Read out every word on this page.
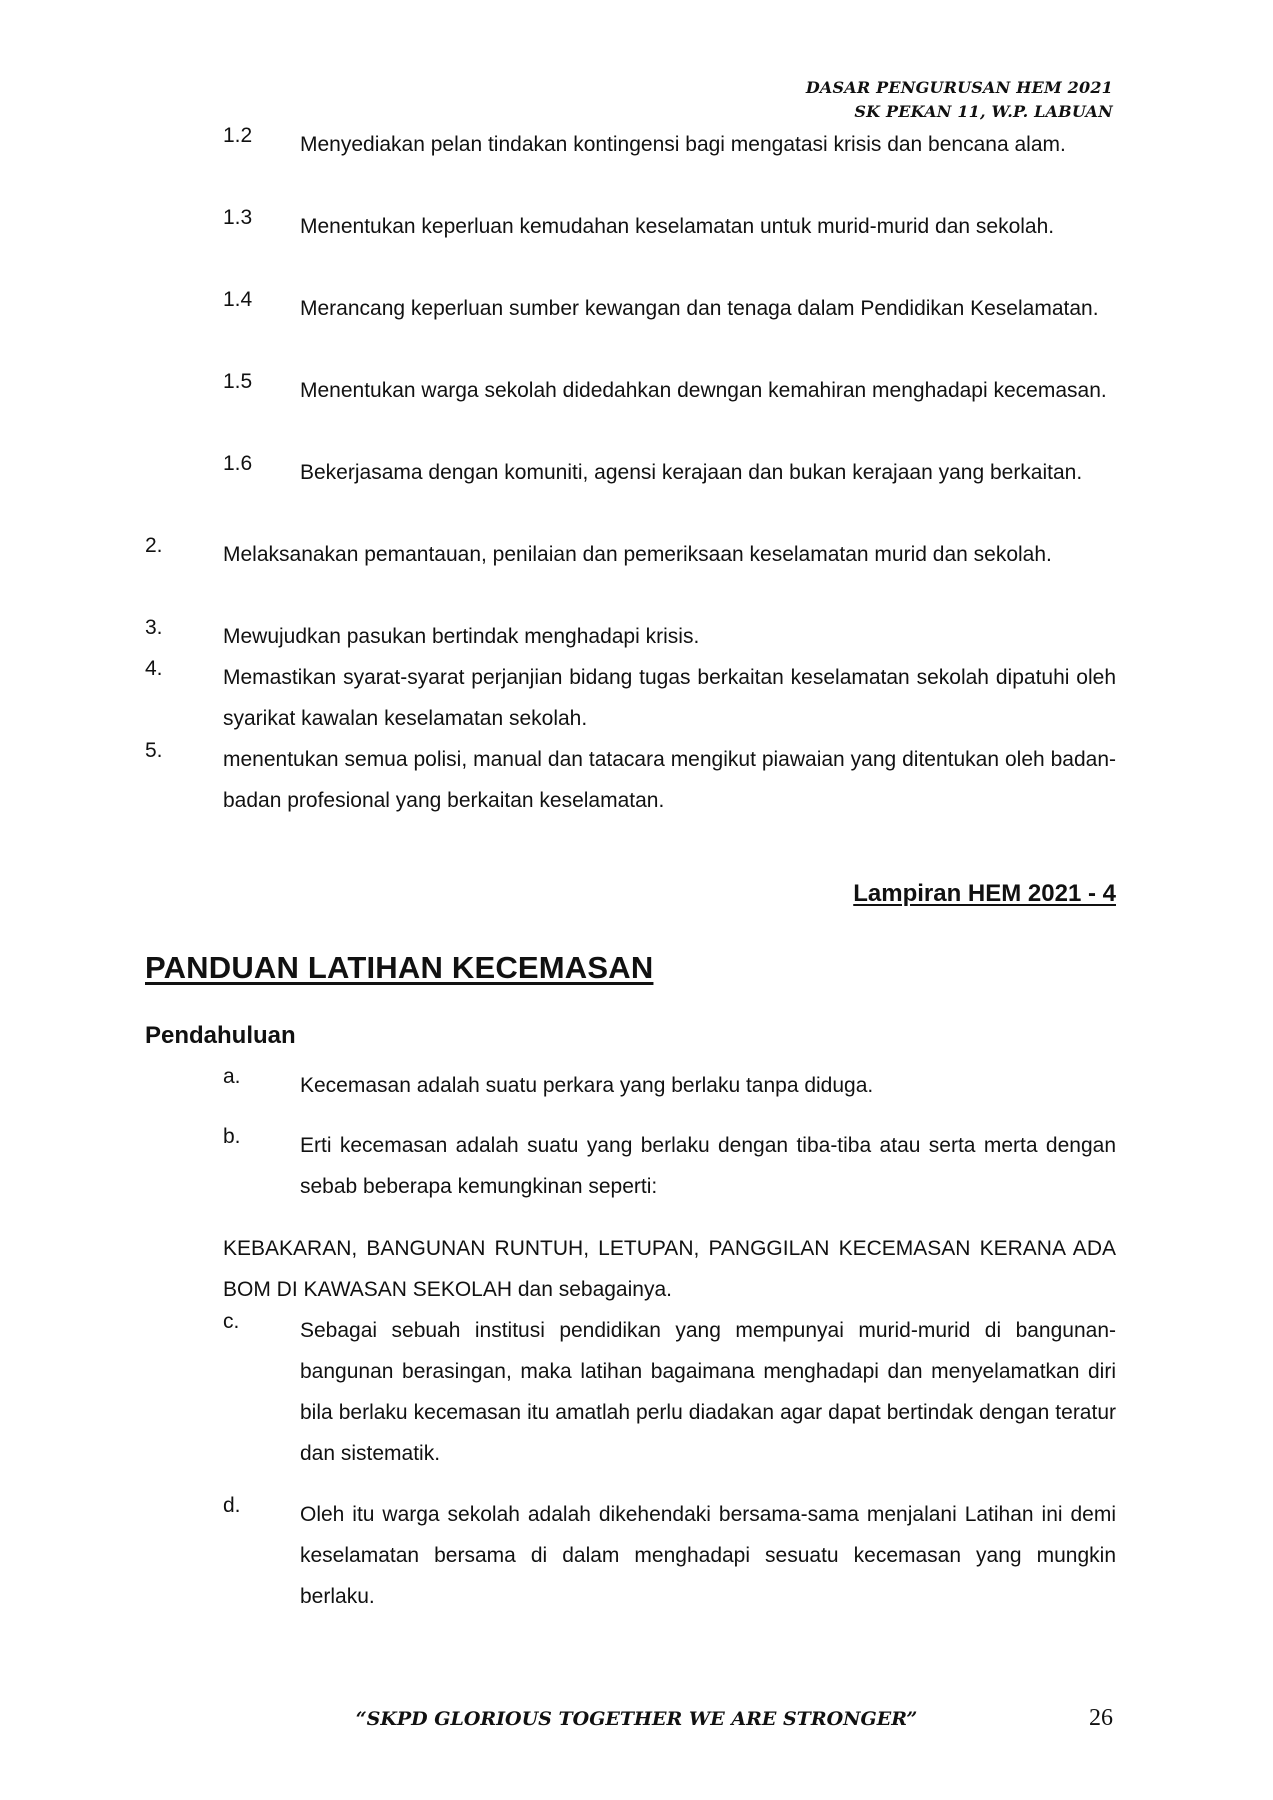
DASAR PENGURUSAN HEM 2021
SK PEKAN 11, W.P. LABUAN
1.2 Menyediakan pelan tindakan kontingensi bagi mengatasi krisis dan bencana alam.
1.3 Menentukan keperluan kemudahan keselamatan untuk murid-murid dan sekolah.
1.4 Merancang keperluan sumber kewangan dan tenaga dalam Pendidikan Keselamatan.
1.5 Menentukan warga sekolah didedahkan dewngan kemahiran menghadapi kecemasan.
1.6 Bekerjasama dengan komuniti, agensi kerajaan dan bukan kerajaan yang berkaitan.
2.	Melaksanakan pemantauan, penilaian dan pemeriksaan keselamatan murid dan sekolah.
3.	Mewujudkan pasukan bertindak menghadapi krisis.
4.	Memastikan syarat-syarat perjanjian bidang tugas berkaitan keselamatan sekolah dipatuhi oleh syarikat kawalan keselamatan sekolah.
5.	menentukan semua polisi, manual dan tatacara mengikut piawaian yang ditentukan oleh badan-badan profesional yang berkaitan keselamatan.
Lampiran HEM 2021 - 4
PANDUAN LATIHAN KECEMASAN
Pendahuluan
a.	Kecemasan adalah suatu perkara yang berlaku tanpa diduga.
b.	Erti kecemasan adalah suatu yang berlaku dengan tiba-tiba atau serta merta dengan sebab beberapa kemungkinan seperti:
KEBAKARAN, BANGUNAN RUNTUH, LETUPAN, PANGGILAN KECEMASAN KERANA ADA BOM DI KAWASAN SEKOLAH dan sebagainya.
c.	Sebagai sebuah institusi pendidikan yang mempunyai murid-murid di bangunan-bangunan berasingan, maka latihan bagaimana menghadapi dan menyelamatkan diri bila berlaku kecemasan itu amatlah perlu diadakan agar dapat bertindak dengan teratur dan sistematik.
d.	Oleh itu warga sekolah adalah dikehendaki bersama-sama menjalani Latihan ini demi keselamatan bersama di dalam menghadapi sesuatu kecemasan yang mungkin berlaku.
“SKPD GLORIOUS TOGETHER WE ARE STRONGER”	26
